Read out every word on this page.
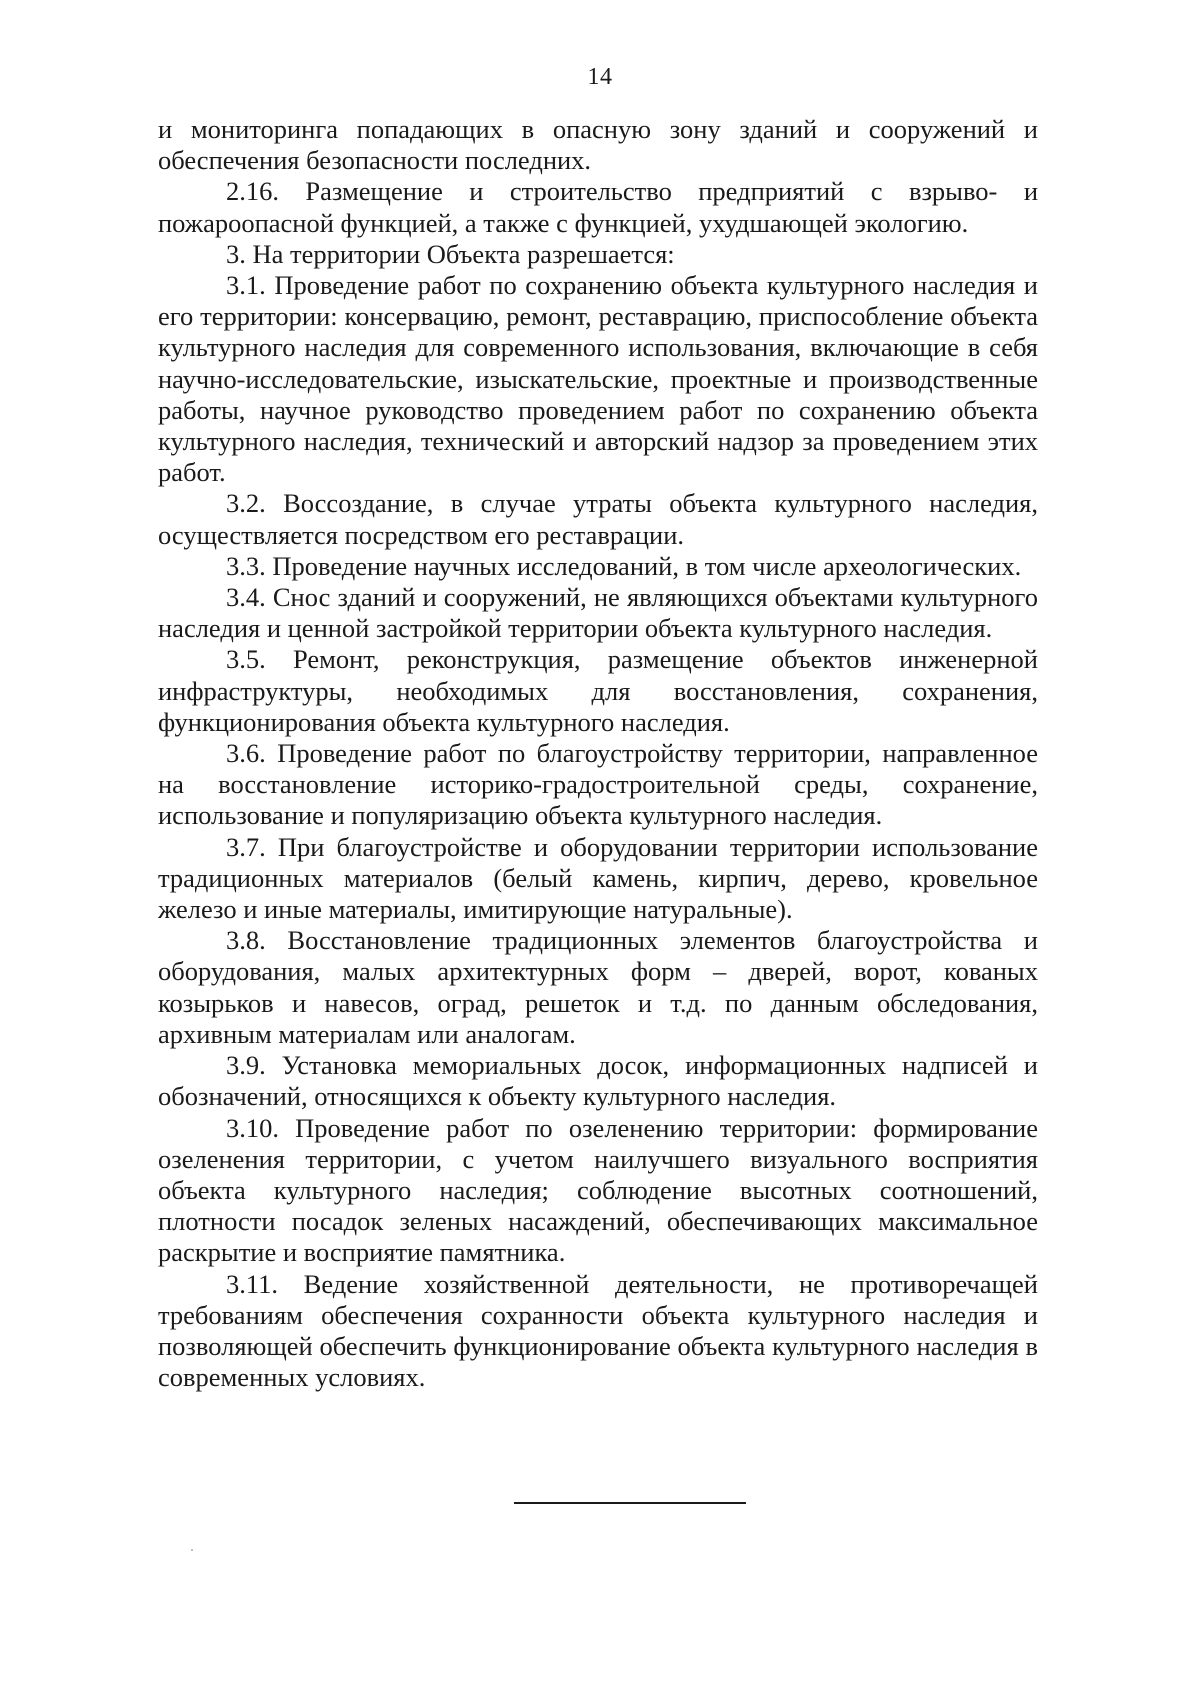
14

и мониторинга попадающих в опасную зону зданий и сооружений и обеспечения безопасности последних.

2.16. Размещение и строительство предприятий с взрыво- и пожароопасной функцией, а также с функцией, ухудшающей экологию.

3. На территории Объекта разрешается:

3.1. Проведение работ по сохранению объекта культурного наследия и его территории: консервацию, ремонт, реставрацию, приспособление объекта культурного наследия для современного использования, включающие в себя научно-исследовательские, изыскательские, проектные и производственные работы, научное руководство проведением работ по сохранению объекта культурного наследия, технический и авторский надзор за проведением этих работ.

3.2. Воссоздание, в случае утраты объекта культурного наследия, осуществляется посредством его реставрации.

3.3. Проведение научных исследований, в том числе археологических.

3.4. Снос зданий и сооружений, не являющихся объектами культурного наследия и ценной застройкой территории объекта культурного наследия.

3.5. Ремонт, реконструкция, размещение объектов инженерной инфраструктуры, необходимых для восстановления, сохранения, функционирования объекта культурного наследия.

3.6. Проведение работ по благоустройству территории, направленное на восстановление историко-градостроительной среды, сохранение, использование и популяризацию объекта культурного наследия.

3.7. При благоустройстве и оборудовании территории использование традиционных материалов (белый камень, кирпич, дерево, кровельное железо и иные материалы, имитирующие натуральные).

3.8. Восстановление традиционных элементов благоустройства и оборудования, малых архитектурных форм – дверей, ворот, кованых козырьков и навесов, оград, решеток и т.д. по данным обследования, архивным материалам или аналогам.

3.9. Установка мемориальных досок, информационных надписей и обозначений, относящихся к объекту культурного наследия.

3.10. Проведение работ по озеленению территории: формирование озеленения территории, с учетом наилучшего визуального восприятия объекта культурного наследия; соблюдение высотных соотношений, плотности посадок зеленых насаждений, обеспечивающих максимальное раскрытие и восприятие памятника.

3.11. Ведение хозяйственной деятельности, не противоречащей требованиям обеспечения сохранности объекта культурного наследия и позволяющей обеспечить функционирование объекта культурного наследия в современных условиях.
